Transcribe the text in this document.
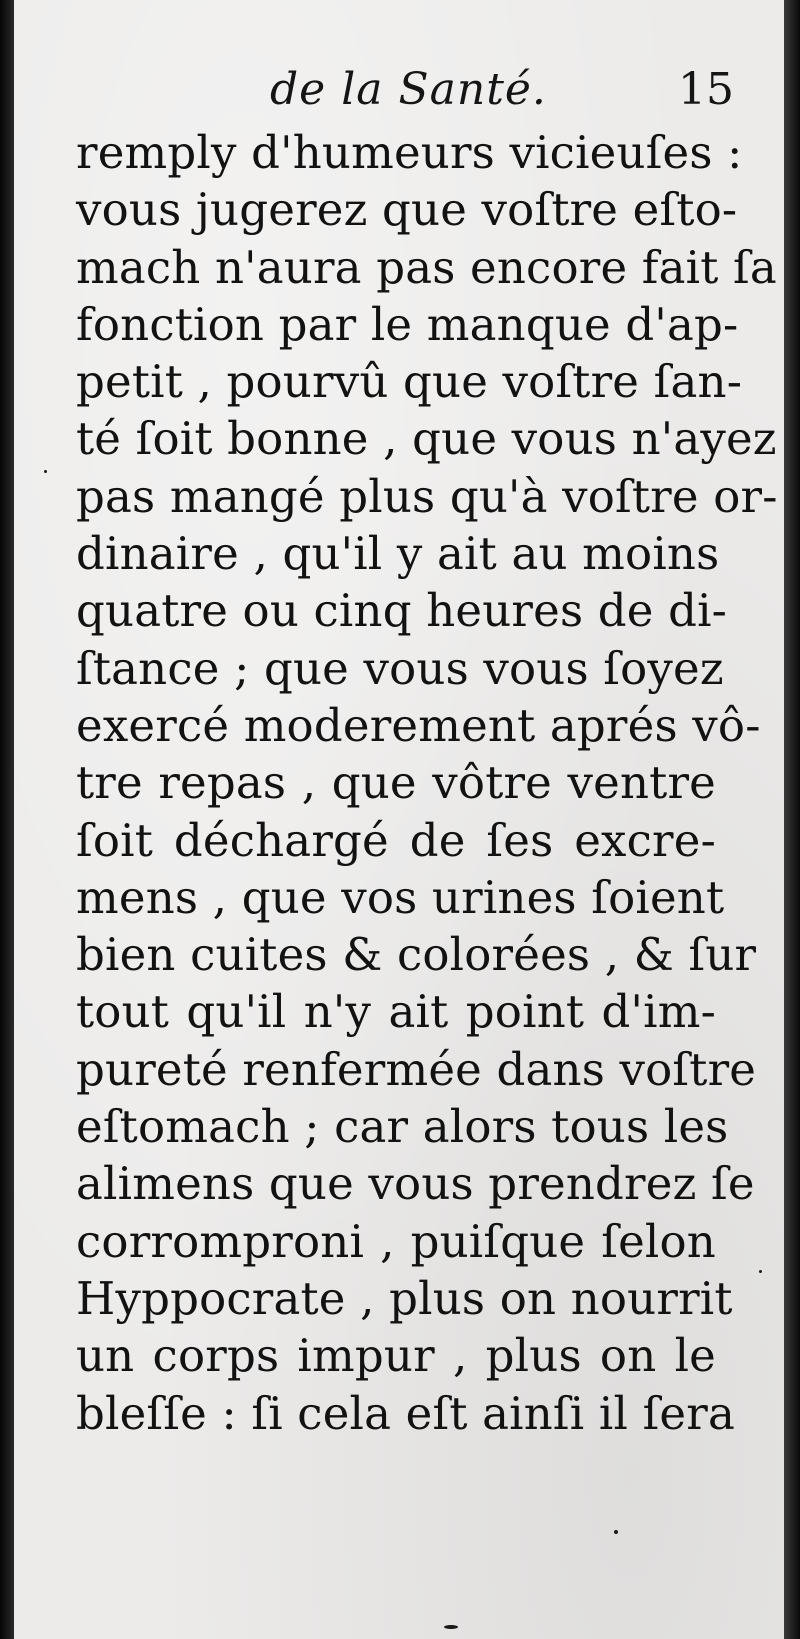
de la Santé.	15
remply d'humeurs vicieuſes :
vous jugerez que voſtre eſto-
mach n'aura pas encore fait ſa
fonction par le manque d'ap-
petit , pourvû que voſtre ſan-
té ſoit bonne , que vous n'ayez
pas mangé plus qu'à voſtre or-
dinaire , qu'il y ait au moins
quatre ou cinq heures de di-
ſtance ; que vous vous ſoyez
exercé moderement aprés vô-
tre repas , que vôtre ventre
ſoit déchargé de ſes excre-
mens , que vos urines ſoient
bien cuites & colorées , & ſur
tout qu'il n'y ait point d'im-
pureté renfermée dans voſtre
eſtomach ; car alors tous les
alimens que vous prendrez ſe
corromproni , puiſque ſelon
Hyppocrate , plus on nourrit
un corps impur , plus on le
bleſſe : ſi cela eſt ainſi il ſera
